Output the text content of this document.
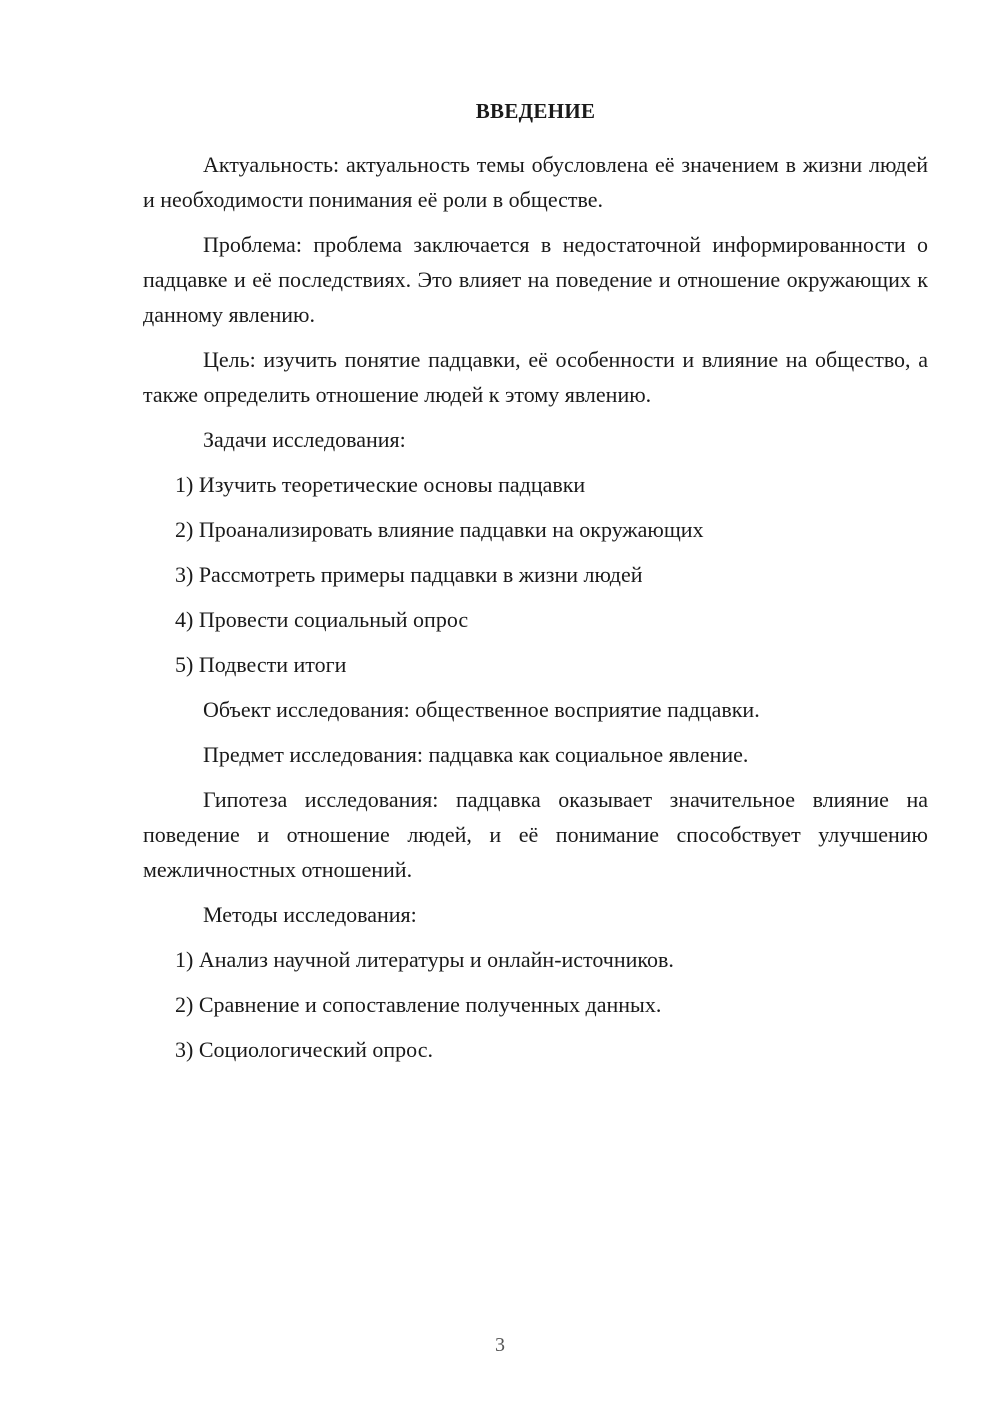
ВВЕДЕНИЕ

Актуальность: актуальность темы обусловлена её значением в жизни людей и необходимости понимания её роли в обществе.

Проблема: проблема заключается в недостаточной информированности о падцавке и её последствиях. Это влияет на поведение и отношение окружающих к данному явлению.

Цель: изучить понятие падцавки, её особенности и влияние на общество, а также определить отношение людей к этому явлению.

Задачи исследования:

1) Изучить теоретические основы падцавки
2) Проанализировать влияние падцавки на окружающих
3) Рассмотреть примеры падцавки в жизни людей
4) Провести социальный опрос
5) Подвести итоги

Объект исследования: общественное восприятие падцавки.

Предмет исследования: падцавка как социальное явление.

Гипотеза исследования: падцавка оказывает значительное влияние на поведение и отношение людей, и её понимание способствует улучшению межличностных отношений.

Методы исследования:

1) Анализ научной литературы и онлайн-источников.
2) Сравнение и сопоставление полученных данных.
3) Социологический опрос.
3
